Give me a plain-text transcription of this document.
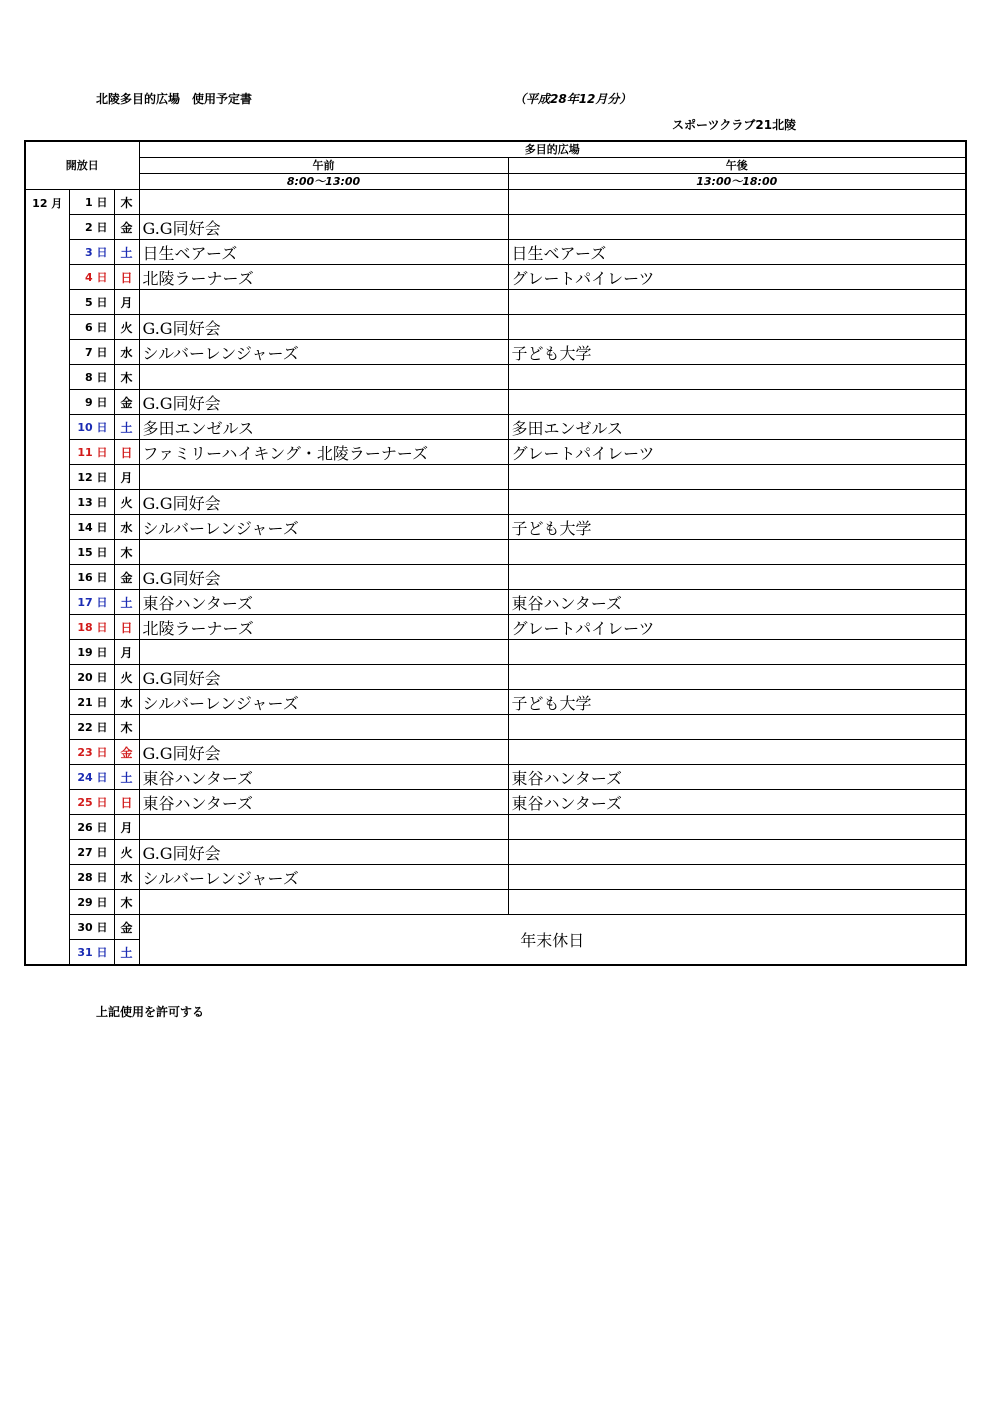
北陵多目的広場　使用予定書	（平成28年12月分）
スポーツクラブ21北陵
開放日			多目的広場	
			午前	午後
			8:00～13:00	13:00～18:00
12 月	1 日	木		
	2 日	金	G.G同好会	
	3 日	土	日生ベアーズ	日生ベアーズ
	4 日	日	北陵ラーナーズ	グレートパイレーツ
	5 日	月		
	6 日	火	G.G同好会	
	7 日	水	シルバーレンジャーズ	子ども大学
	8 日	木		
	9 日	金	G.G同好会	
	10 日	土	多田エンゼルス	多田エンゼルス
	11 日	日	ファミリーハイキング・北陵ラーナーズ	グレートパイレーツ
	12 日	月		
	13 日	火	G.G同好会	
	14 日	水	シルバーレンジャーズ	子ども大学
	15 日	木		
	16 日	金	G.G同好会	
	17 日	土	東谷ハンターズ	東谷ハンターズ
	18 日	日	北陵ラーナーズ	グレートパイレーツ
	19 日	月		
	20 日	火	G.G同好会	
	21 日	水	シルバーレンジャーズ	子ども大学
	22 日	木		
	23 日	金	G.G同好会	
	24 日	土	東谷ハンターズ	東谷ハンターズ
	25 日	日	東谷ハンターズ	東谷ハンターズ
	26 日	月		
	27 日	火	G.G同好会	
	28 日	水	シルバーレンジャーズ	
	29 日	木		
	30 日	金	年末休日	
	31 日	土		
上記使用を許可する
